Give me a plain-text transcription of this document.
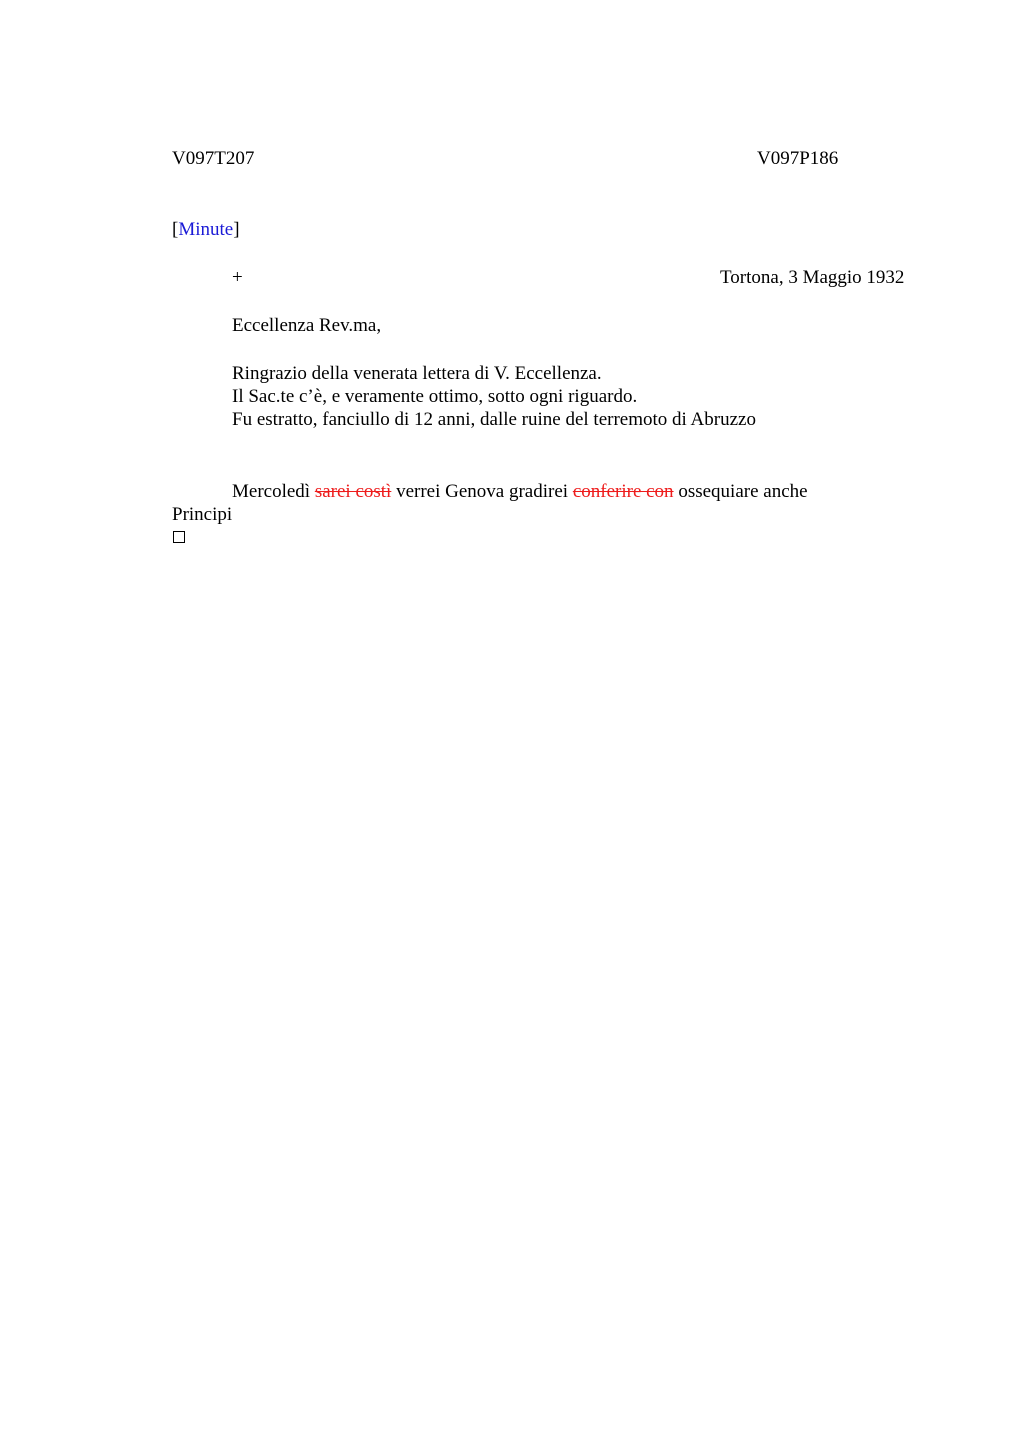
V097T207	V097P186
[Minute]
+	Tortona, 3 Maggio 1932
Eccellenza Rev.ma,
Ringrazio della venerata lettera di V. Eccellenza.
Il Sac.te c’è, e veramente ottimo, sotto ogni riguardo.
Fu estratto, fanciullo di 12 anni, dalle ruine del terremoto di Abruzzo
Mercoledì sarei costì verrei Genova gradirei conferire con ossequiare anche
Principi
